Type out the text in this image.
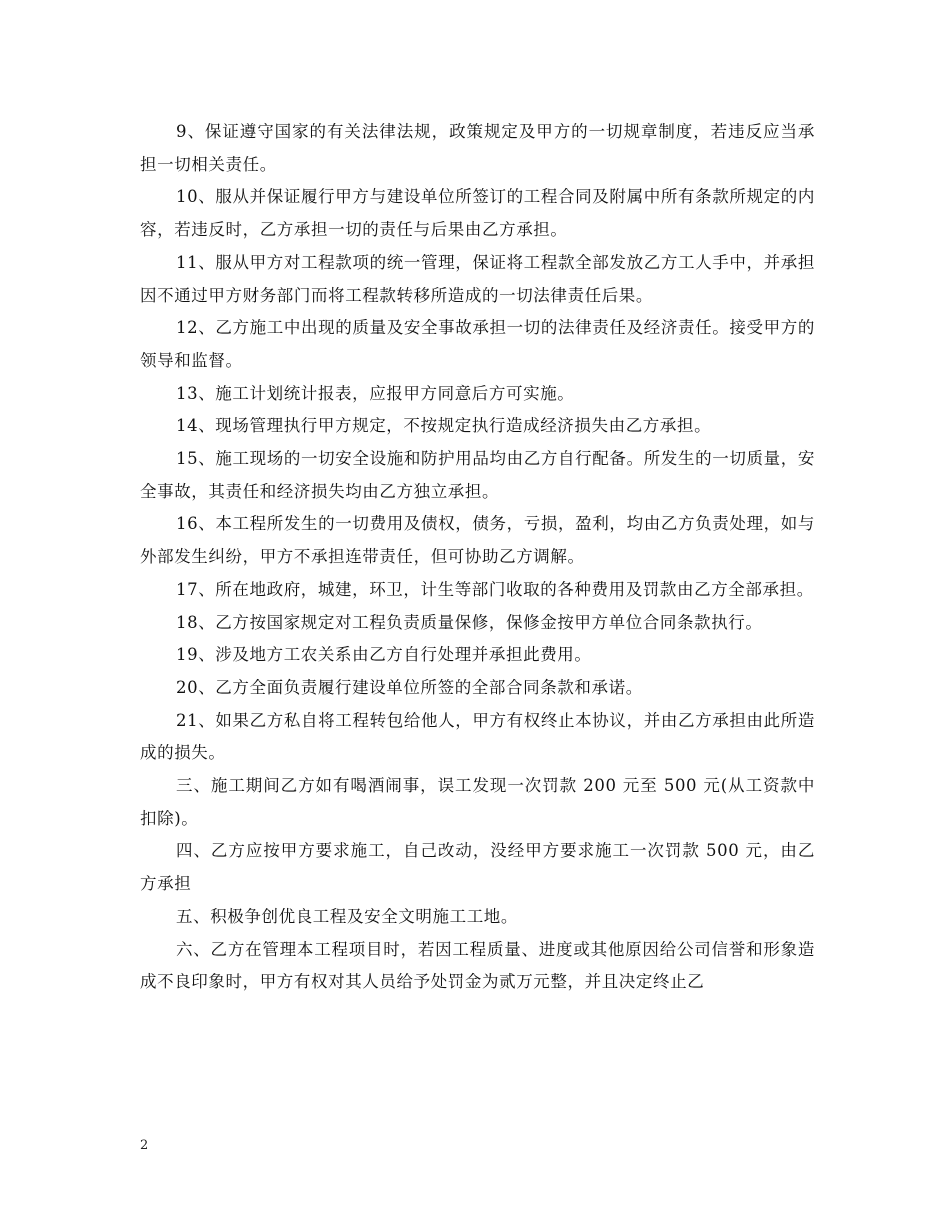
9、保证遵守国家的有关法律法规，政策规定及甲方的一切规章制度，若违反应当承担一切相关责任。

10、服从并保证履行甲方与建设单位所签订的工程合同及附属中所有条款所规定的内容，若违反时，乙方承担一切的责任与后果由乙方承担。

11、服从甲方对工程款项的统一管理，保证将工程款全部发放乙方工人手中，并承担因不通过甲方财务部门而将工程款转移所造成的一切法律责任后果。

12、乙方施工中出现的质量及安全事故承担一切的法律责任及经济责任。接受甲方的领导和监督。

13、施工计划统计报表，应报甲方同意后方可实施。

14、现场管理执行甲方规定，不按规定执行造成经济损失由乙方承担。

15、施工现场的一切安全设施和防护用品均由乙方自行配备。所发生的一切质量，安全事故，其责任和经济损失均由乙方独立承担。

16、本工程所发生的一切费用及债权，债务，亏损，盈利，均由乙方负责处理，如与外部发生纠纷，甲方不承担连带责任，但可协助乙方调解。

17、所在地政府，城建，环卫，计生等部门收取的各种费用及罚款由乙方全部承担。

18、乙方按国家规定对工程负责质量保修，保修金按甲方单位合同条款执行。

19、涉及地方工农关系由乙方自行处理并承担此费用。

20、乙方全面负责履行建设单位所签的全部合同条款和承诺。

21、如果乙方私自将工程转包给他人，甲方有权终止本协议，并由乙方承担由此所造成的损失。

三、施工期间乙方如有喝酒闹事，误工发现一次罚款 200 元至 500 元(从工资款中扣除)。

四、乙方应按甲方要求施工，自己改动，没经甲方要求施工一次罚款 500 元，由乙方承担

五、积极争创优良工程及安全文明施工工地。

六、乙方在管理本工程项目时，若因工程质量、进度或其他原因给公司信誉和形象造成不良印象时，甲方有权对其人员给予处罚金为贰万元整，并且决定终止乙

2
